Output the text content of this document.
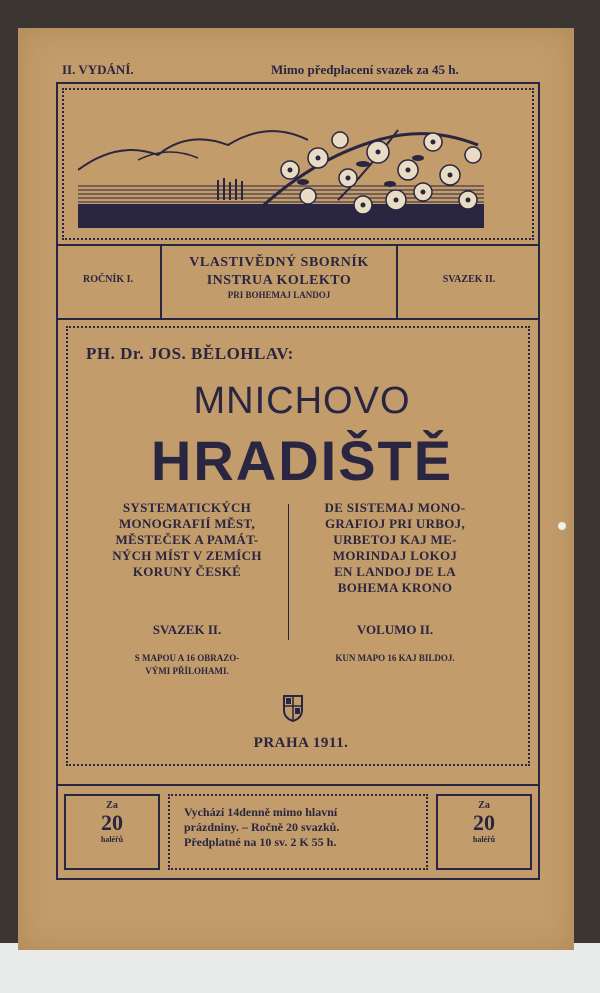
II. VYDÁNÍ.	Mimo předplacení svazek za 45 h.
ROČNÍK I.
VLASTIVĚDNÝ SBORNÍK
INSTRUA KOLEKTO
PRI BOHEMAJ LANDOJ
SVAZEK II.
PH. Dr. JOS. BĚLOHLAV:
MNICHOVO
HRADIŠTĚ
SYSTEMATICKÝCH
MONOGRAFIÍ MĚST,
MĚSTEČEK A PAMÁT-
NÝCH MÍST V ZEMÍCH
KORUNY ČESKÉ
DE SISTEMAJ MONO-
GRAFIOJ PRI URBOJ,
URBETOJ KAJ ME-
MORINDAJ LOKOJ
EN LANDOJ DE LA
BOHEMA KRONO
SVAZEK II.	VOLUMO II.
S MAPOU A 16 OBRAZO-
VÝMI PŘÍLOHAMI.
KUN MAPO 16 KAJ BILDOJ.
PRAHA 1911.
Za
20
haléřů
Vychází 14denně mimo hlavní
prázdniny. – Ročně 20 svazků.
Předplatné na 10 sv. 2 K 55 h.
Za
20
haléřů
